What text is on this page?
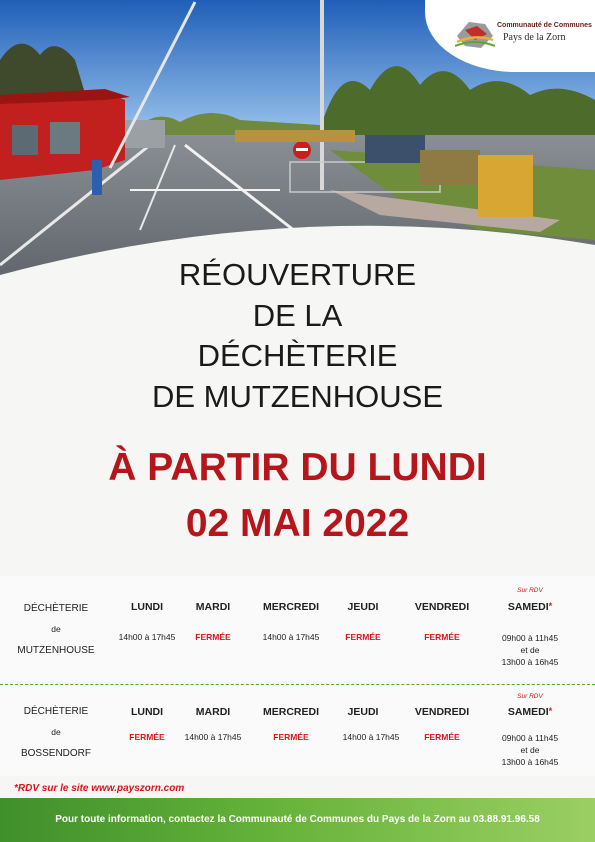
Communauté de Communes
Pays de la Zorn
RÉOUVERTURE
DE LA
DÉCHÈTERIE
DE MUTZENHOUSE
À PARTIR DU LUNDI
02 MAI 2022
DÉCHÈTERIE
de
MUTZENHOUSE
LUNDI	MARDI	MERCREDI	JEUDI	VENDREDI
Sur RDV
SAMEDI*
14h00 à 17h45	FERMÉE	14h00 à 17h45	FERMÉE	FERMÉE	09h00 à 11h45
et de
13h00 à 16h45
DÉCHÈTERIE
de
BOSSENDORF
LUNDI	MARDI	MERCREDI	JEUDI	VENDREDI
Sur RDV
SAMEDI*
FERMÉE	14h00 à 17h45	FERMÉE	14h00 à 17h45	FERMÉE	09h00 à 11h45
et de
13h00 à 16h45
*RDV sur le site www.payszorn.com
Pour toute information, contactez la Communauté de Communes du Pays de la Zorn au 03.88.91.96.58
